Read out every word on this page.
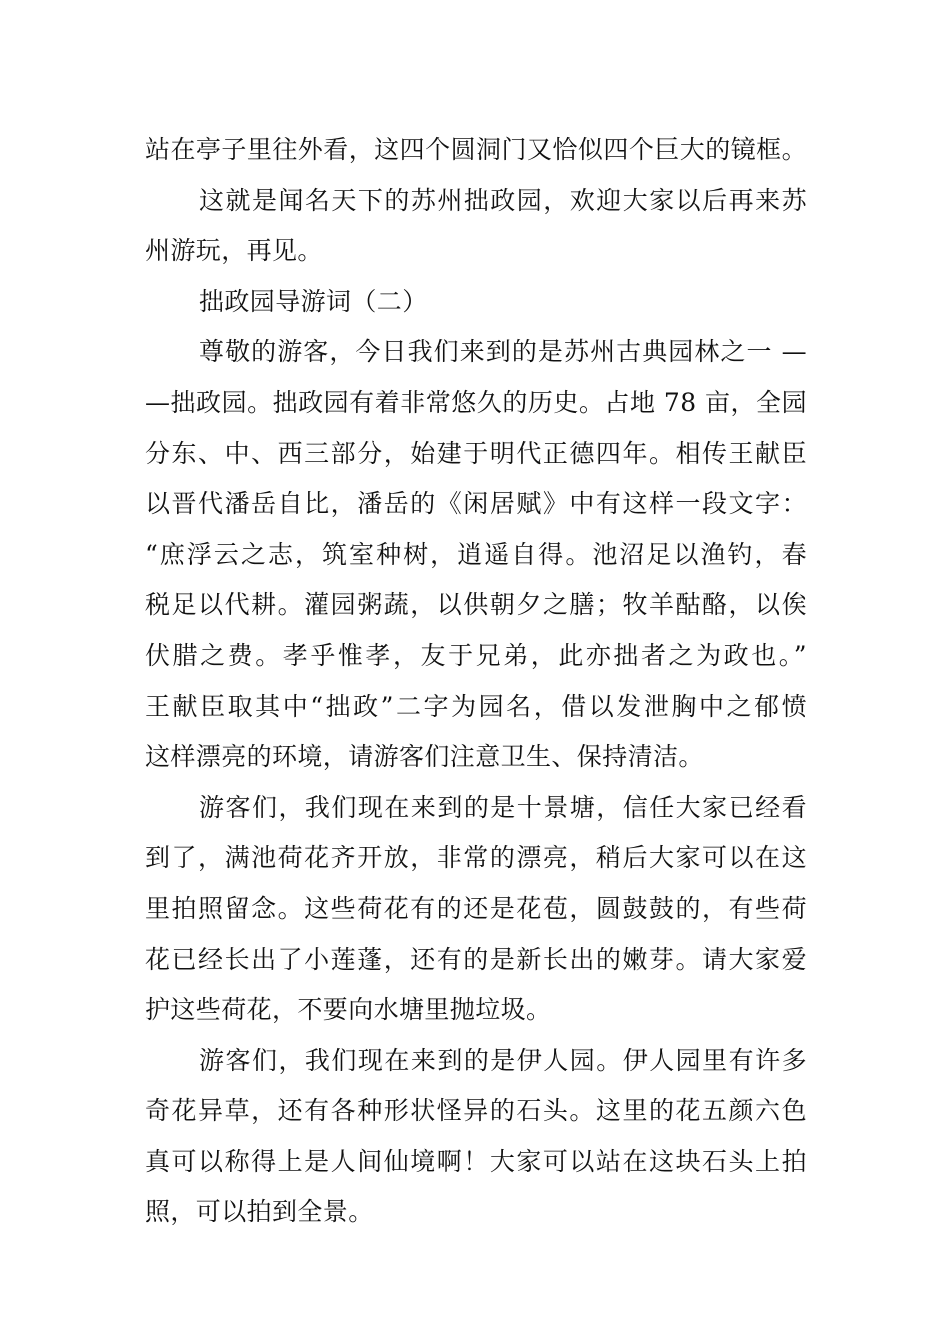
站在亭子里往外看，这四个圆洞门又恰似四个巨大的镜框。
这就是闻名天下的苏州拙政园，欢迎大家以后再来苏
州游玩，再见。
拙政园导游词（二）
尊敬的游客，今日我们来到的是苏州古典园林之一 —
—拙政园。拙政园有着非常悠久的历史。占地 78 亩，全园
分东、中、西三部分，始建于明代正德四年。相传王献臣
以晋代潘岳自比，潘岳的《闲居赋》中有这样一段文字：
“庶浮云之志，筑室种树，逍遥自得。池沼足以渔钓，春
税足以代耕。灌园粥蔬，以供朝夕之膳；牧羊酤酪，以俟
伏腊之费。孝乎惟孝，友于兄弟，此亦拙者之为政也。”
王献臣取其中“拙政”二字为园名，借以发泄胸中之郁愤
这样漂亮的环境，请游客们注意卫生、保持清洁。
游客们，我们现在来到的是十景塘，信任大家已经看
到了，满池荷花齐开放，非常的漂亮，稍后大家可以在这
里拍照留念。这些荷花有的还是花苞，圆鼓鼓的，有些荷
花已经长出了小莲蓬，还有的是新长出的嫩芽。请大家爱
护这些荷花，不要向水塘里抛垃圾。
游客们，我们现在来到的是伊人园。伊人园里有许多
奇花异草，还有各种形状怪异的石头。这里的花五颜六色
真可以称得上是人间仙境啊！大家可以站在这块石头上拍
照，可以拍到全景。
